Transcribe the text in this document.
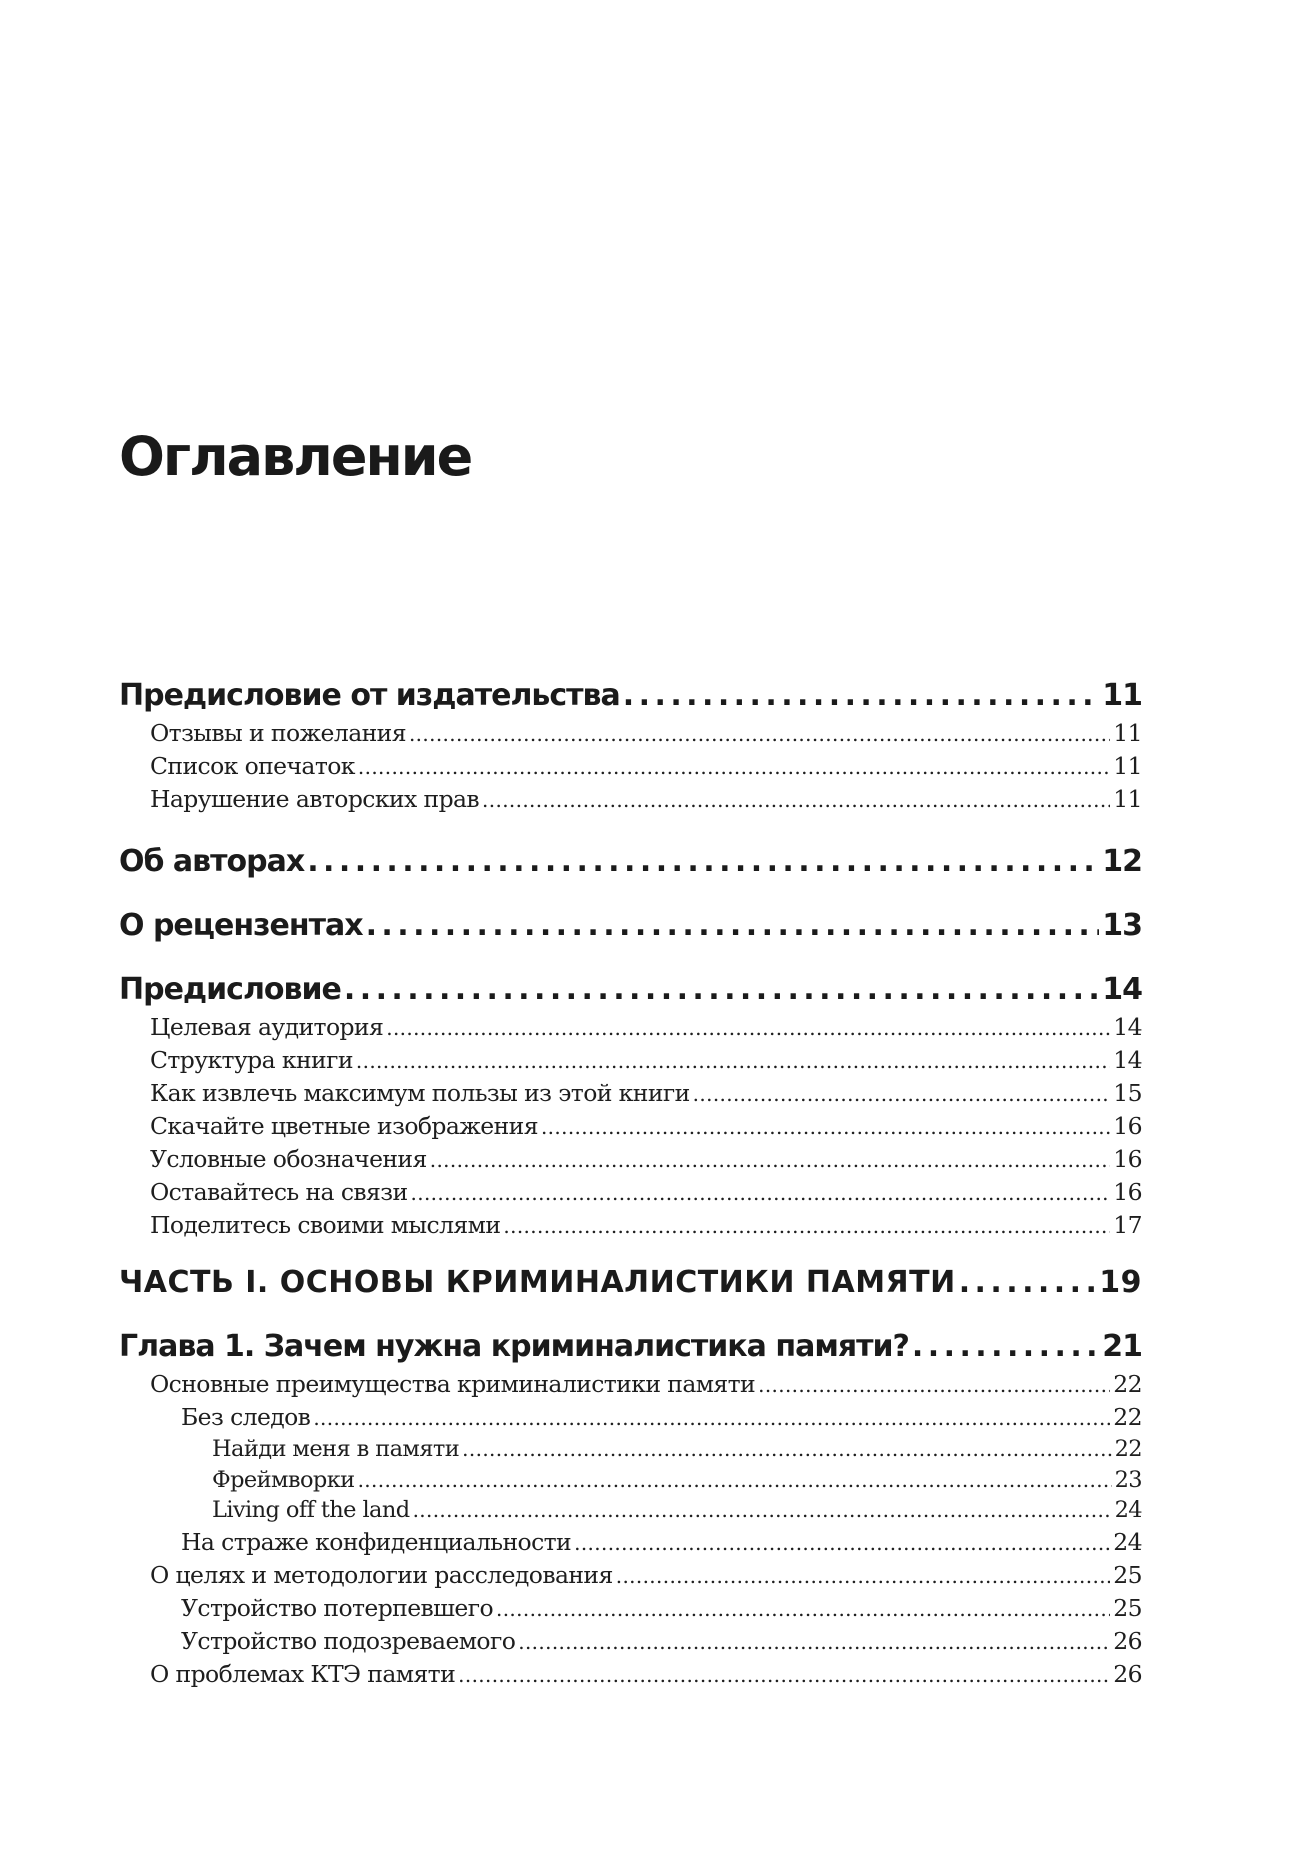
Оглавление
Предисловие от издательства . . .	11
Отзывы и пожелания . . .	11
Список опечаток . . .	11
Нарушение авторских прав . . .	11
Об авторах . . .	12
О рецензентах . . .	13
Предисловие . . .	14
Целевая аудитория . . .	14
Структура книги . . .	14
Как извлечь максимум пользы из этой книги . . .	15
Скачайте цветные изображения . . .	16
Условные обозначения . . .	16
Оставайтесь на связи . . .	16
Поделитесь своими мыслями . . .	17
ЧАСТЬ I. ОСНОВЫ КРИМИНАЛИСТИКИ ПАМЯТИ . . .	19
Глава 1. Зачем нужна криминалистика памяти? . . .	21
Основные преимущества криминалистики памяти . . .	22
Без следов . . .	22
Найди меня в памяти . . .	22
Фреймворки . . .	23
Living off the land . . .	24
На страже конфиденциальности . . .	24
О целях и методологии расследования . . .	25
Устройство потерпевшего . . .	25
Устройство подозреваемого . . .	26
О проблемах КТЭ памяти . . .	26
